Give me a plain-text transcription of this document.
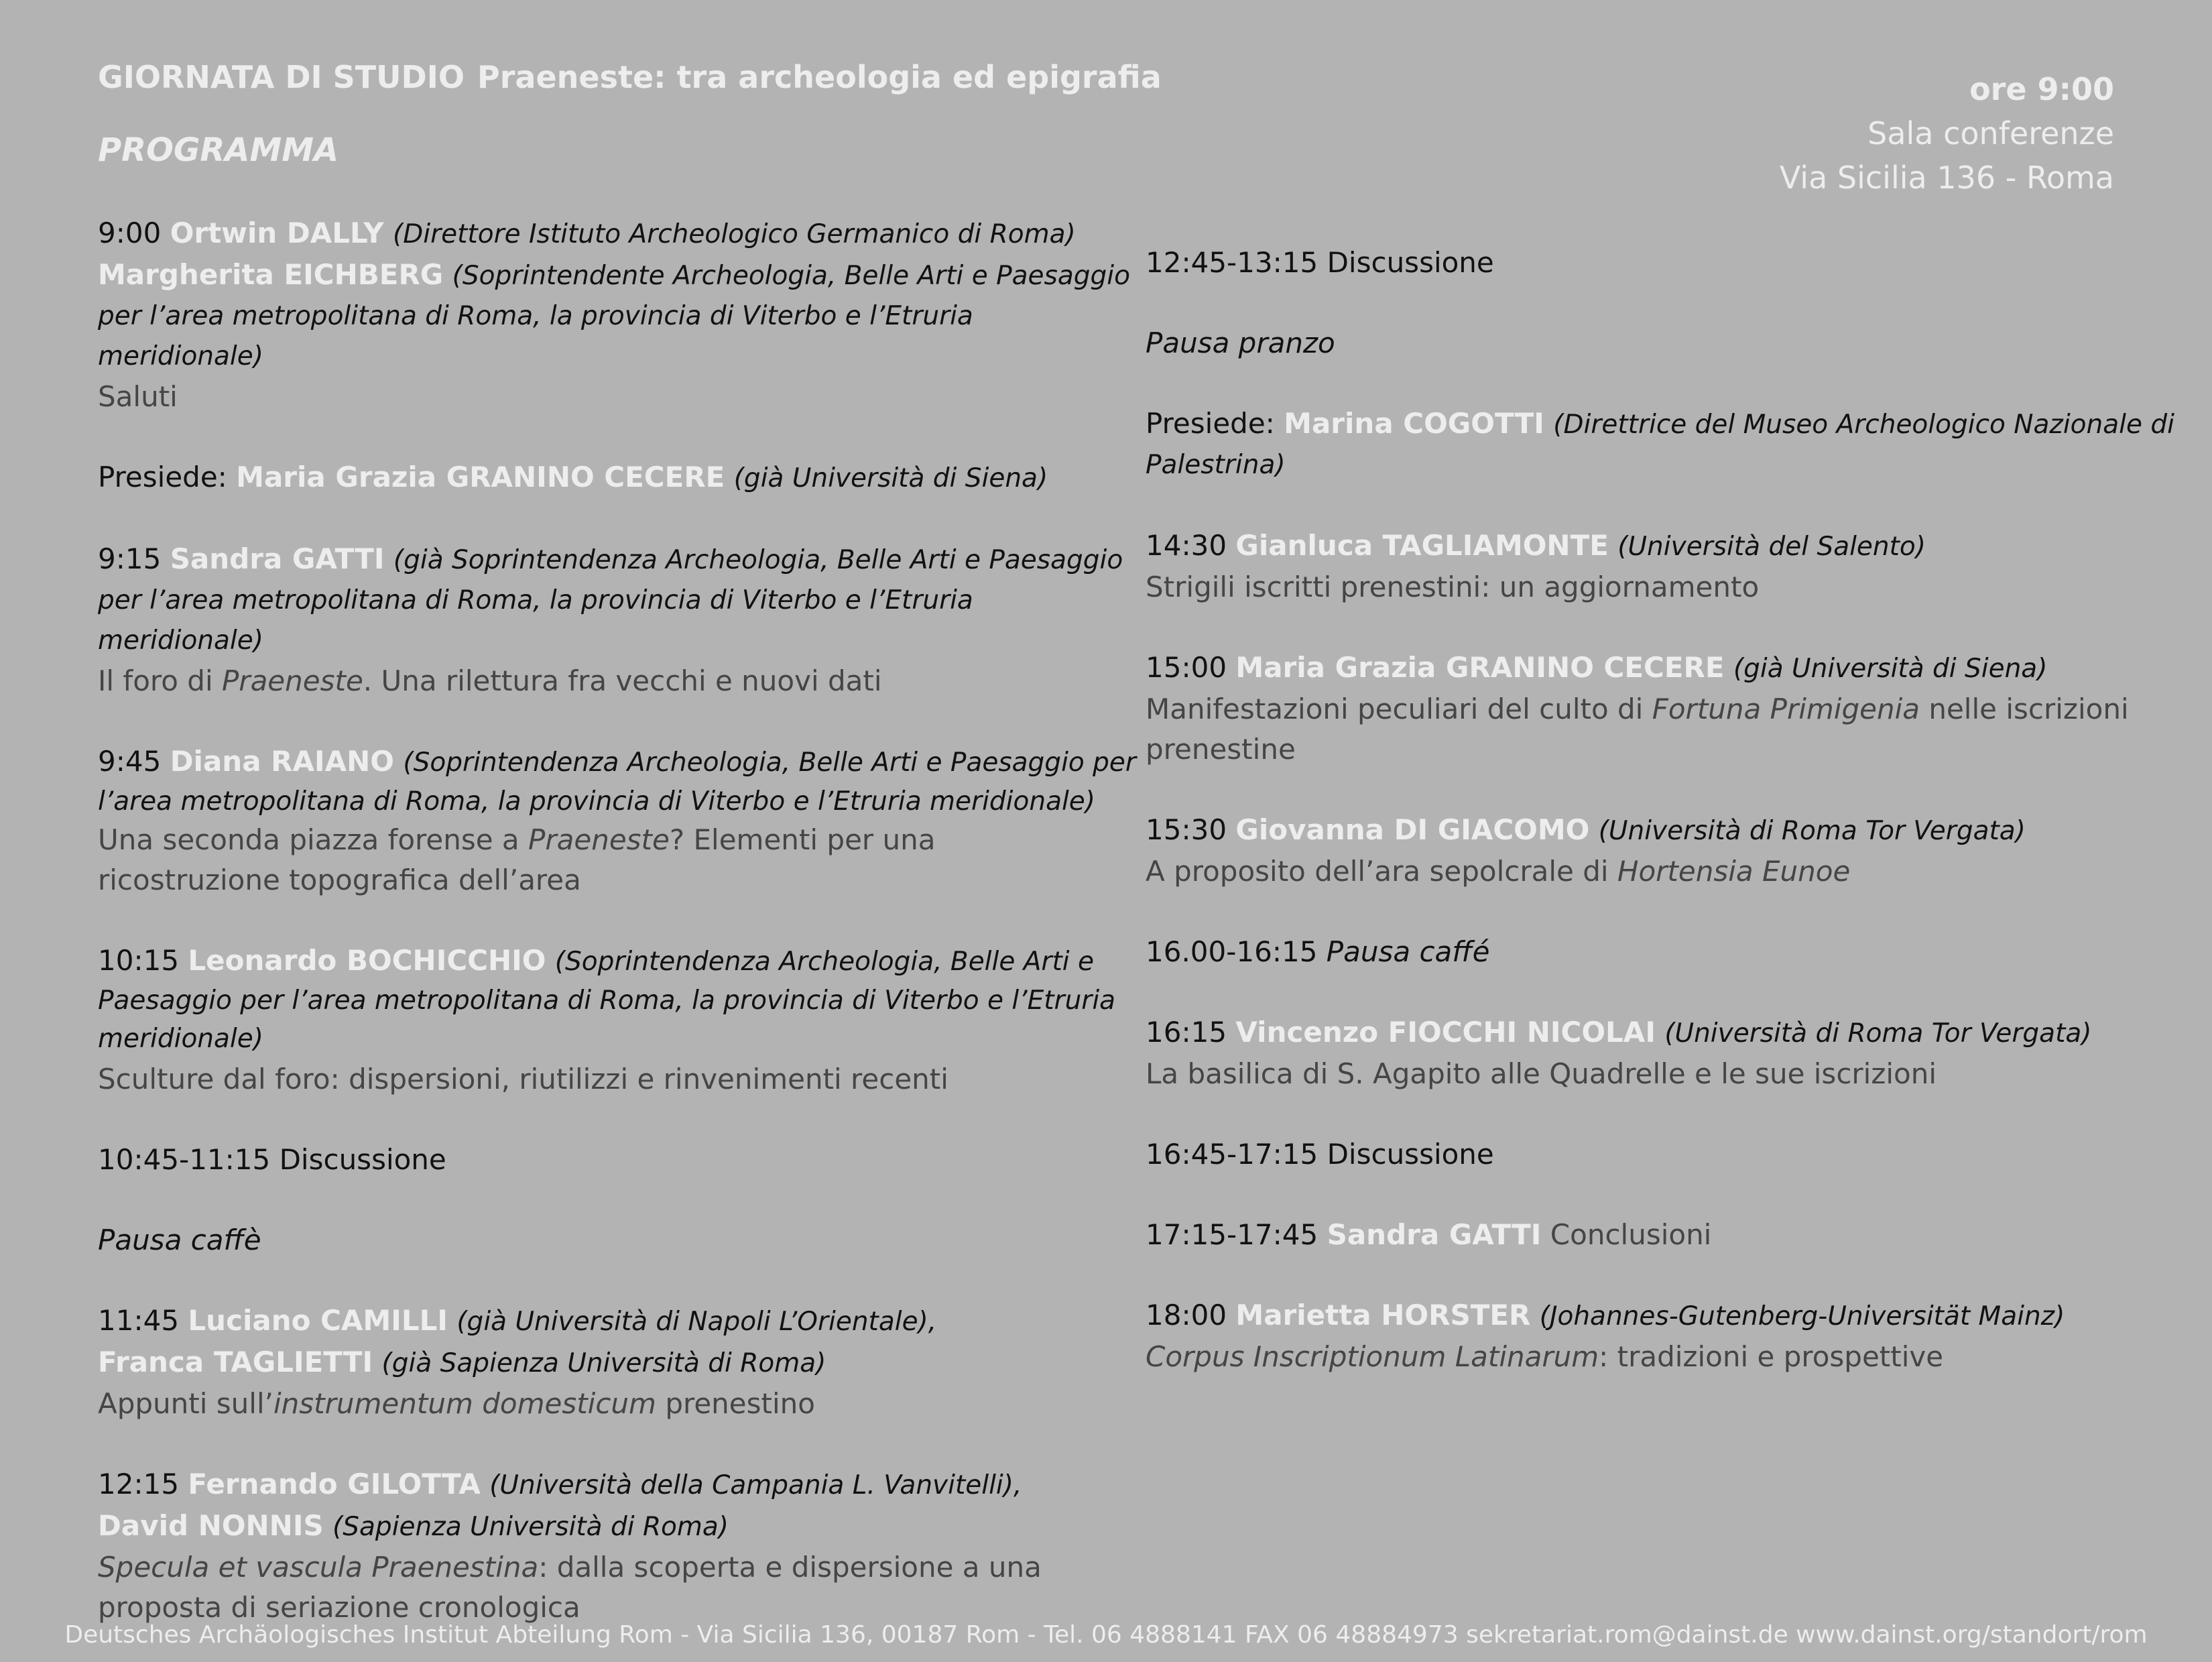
GIORNATA DI STUDIO Praeneste: tra archeologia ed epigrafia
PROGRAMMA
ore 9:00
Sala conferenze
Via Sicilia 136 - Roma
9:00 Ortwin DALLY (Direttore Istituto Archeologico Germanico di Roma)
Margherita EICHBERG (Soprintendente Archeologia, Belle Arti e Paesaggio
per l’area metropolitana di Roma, la provincia di Viterbo e l’Etruria
meridionale)
Saluti
Presiede: Maria Grazia GRANINO CECERE (già Università di Siena)
9:15 Sandra GATTI (già Soprintendenza Archeologia, Belle Arti e Paesaggio
per l’area metropolitana di Roma, la provincia di Viterbo e l’Etruria
meridionale)
Il foro di Praeneste. Una rilettura fra vecchi e nuovi dati
9:45 Diana RAIANO (Soprintendenza Archeologia, Belle Arti e Paesaggio per
l’area metropolitana di Roma, la provincia di Viterbo e l’Etruria meridionale)
Una seconda piazza forense a Praeneste? Elementi per una
ricostruzione topografica dell’area
10:15 Leonardo BOCHICCHIO (Soprintendenza Archeologia, Belle Arti e
Paesaggio per l’area metropolitana di Roma, la provincia di Viterbo e l’Etruria
meridionale)
Sculture dal foro: dispersioni, riutilizzi e rinvenimenti recenti
10:45-11:15 Discussione
Pausa caffè
11:45 Luciano CAMILLI (già Università di Napoli L’Orientale),
Franca TAGLIETTI (già Sapienza Università di Roma)
Appunti sull’instrumentum domesticum prenestino
12:15 Fernando GILOTTA (Università della Campania L. Vanvitelli),
David NONNIS (Sapienza Università di Roma)
Specula et vascula Praenestina: dalla scoperta e dispersione a una
proposta di seriazione cronologica
12:45-13:15 Discussione
Pausa pranzo
Presiede: Marina COGOTTI (Direttrice del Museo Archeologico Nazionale di
Palestrina)
14:30 Gianluca TAGLIAMONTE (Università del Salento)
Strigili iscritti prenestini: un aggiornamento
15:00 Maria Grazia GRANINO CECERE (già Università di Siena)
Manifestazioni peculiari del culto di Fortuna Primigenia nelle iscrizioni
prenestine
15:30 Giovanna DI GIACOMO (Università di Roma Tor Vergata)
A proposito dell’ara sepolcrale di Hortensia Eunoe
16.00-16:15 Pausa caffé
16:15 Vincenzo FIOCCHI NICOLAI (Università di Roma Tor Vergata)
La basilica di S. Agapito alle Quadrelle e le sue iscrizioni
16:45-17:15 Discussione
17:15-17:45 Sandra GATTI Conclusioni
18:00 Marietta HORSTER (Johannes-Gutenberg-Universität Mainz)
Corpus Inscriptionum Latinarum: tradizioni e prospettive
Deutsches Archäologisches Institut Abteilung Rom - Via Sicilia 136, 00187 Rom - Tel. 06 4888141 FAX 06 48884973 sekretariat.rom@dainst.de www.dainst.org/standort/rom
